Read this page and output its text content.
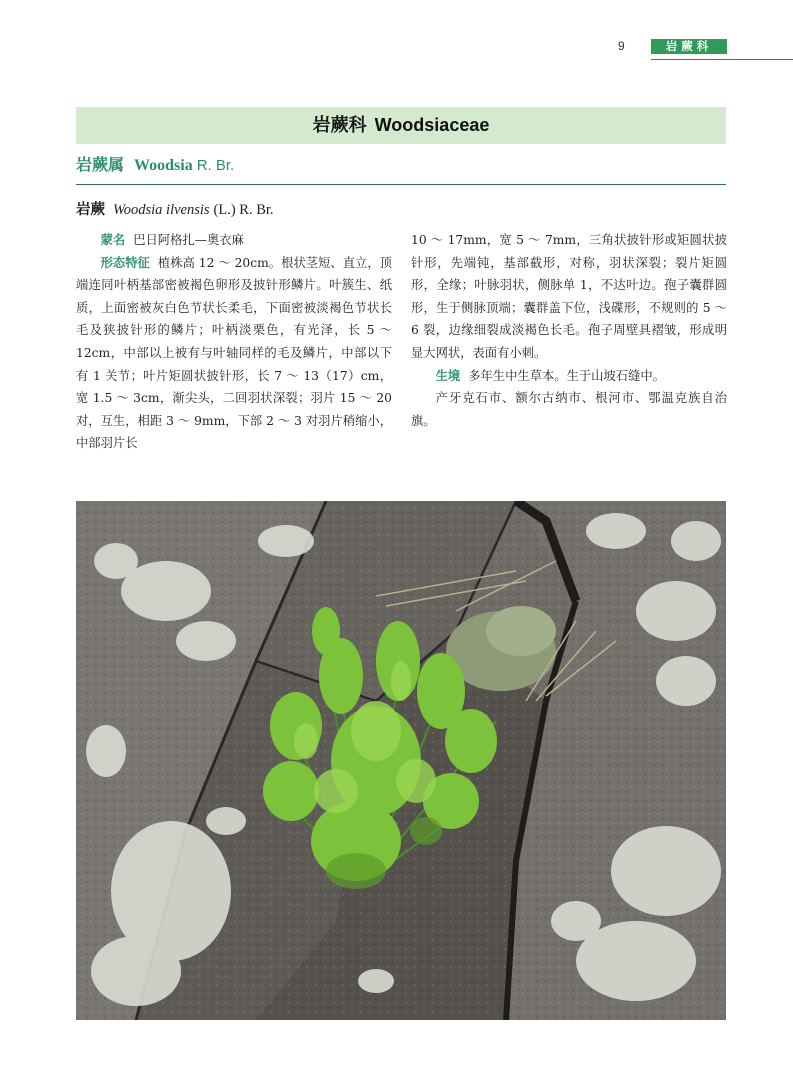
9	岩蕨科
岩蕨科 Woodsiaceae
岩蕨属 Woodsia R. Br.
岩蕨 Woodsia ilvensis (L.) R. Br.

蒙名 巴日阿格扎—奥衣麻

形态特征 植株高 12 ～ 20cm。根状茎短、直立，顶端连同叶柄基部密被褐色卵形及披针形鳞片。叶簇生、纸质，上面密被灰白色节状长柔毛，下面密被淡褐色节状长毛及狭披针形的鳞片；叶柄淡栗色，有光泽，长 5 ～ 12cm，中部以上被有与叶轴同样的毛及鳞片，中部以下有 1 关节；叶片矩圆状披针形，长 7 ～ 13（17）cm，宽 1.5 ～ 3cm，渐尖头，二回羽状深裂；羽片 15 ～ 20 对，互生，相距 3 ～ 9mm，下部 2 ～ 3 对羽片稍缩小，中部羽片长

10 ～ 17mm，宽 5 ～ 7mm，三角状披针形或矩圆状披针形，先端钝，基部截形，对称，羽状深裂；裂片矩圆形，全缘；叶脉羽状，侧脉单 1，不达叶边。孢子囊群圆形，生于侧脉顶端；囊群盖下位，浅碟形，不规则的 5 ～ 6 裂，边缘细裂成淡褐色长毛。孢子周壁具褶皱，形成明显大网状，表面有小刺。

生境 多年生中生草本。生于山坡石缝中。

产牙克石市、额尔古纳市、根河市、鄂温克族自治旗。
